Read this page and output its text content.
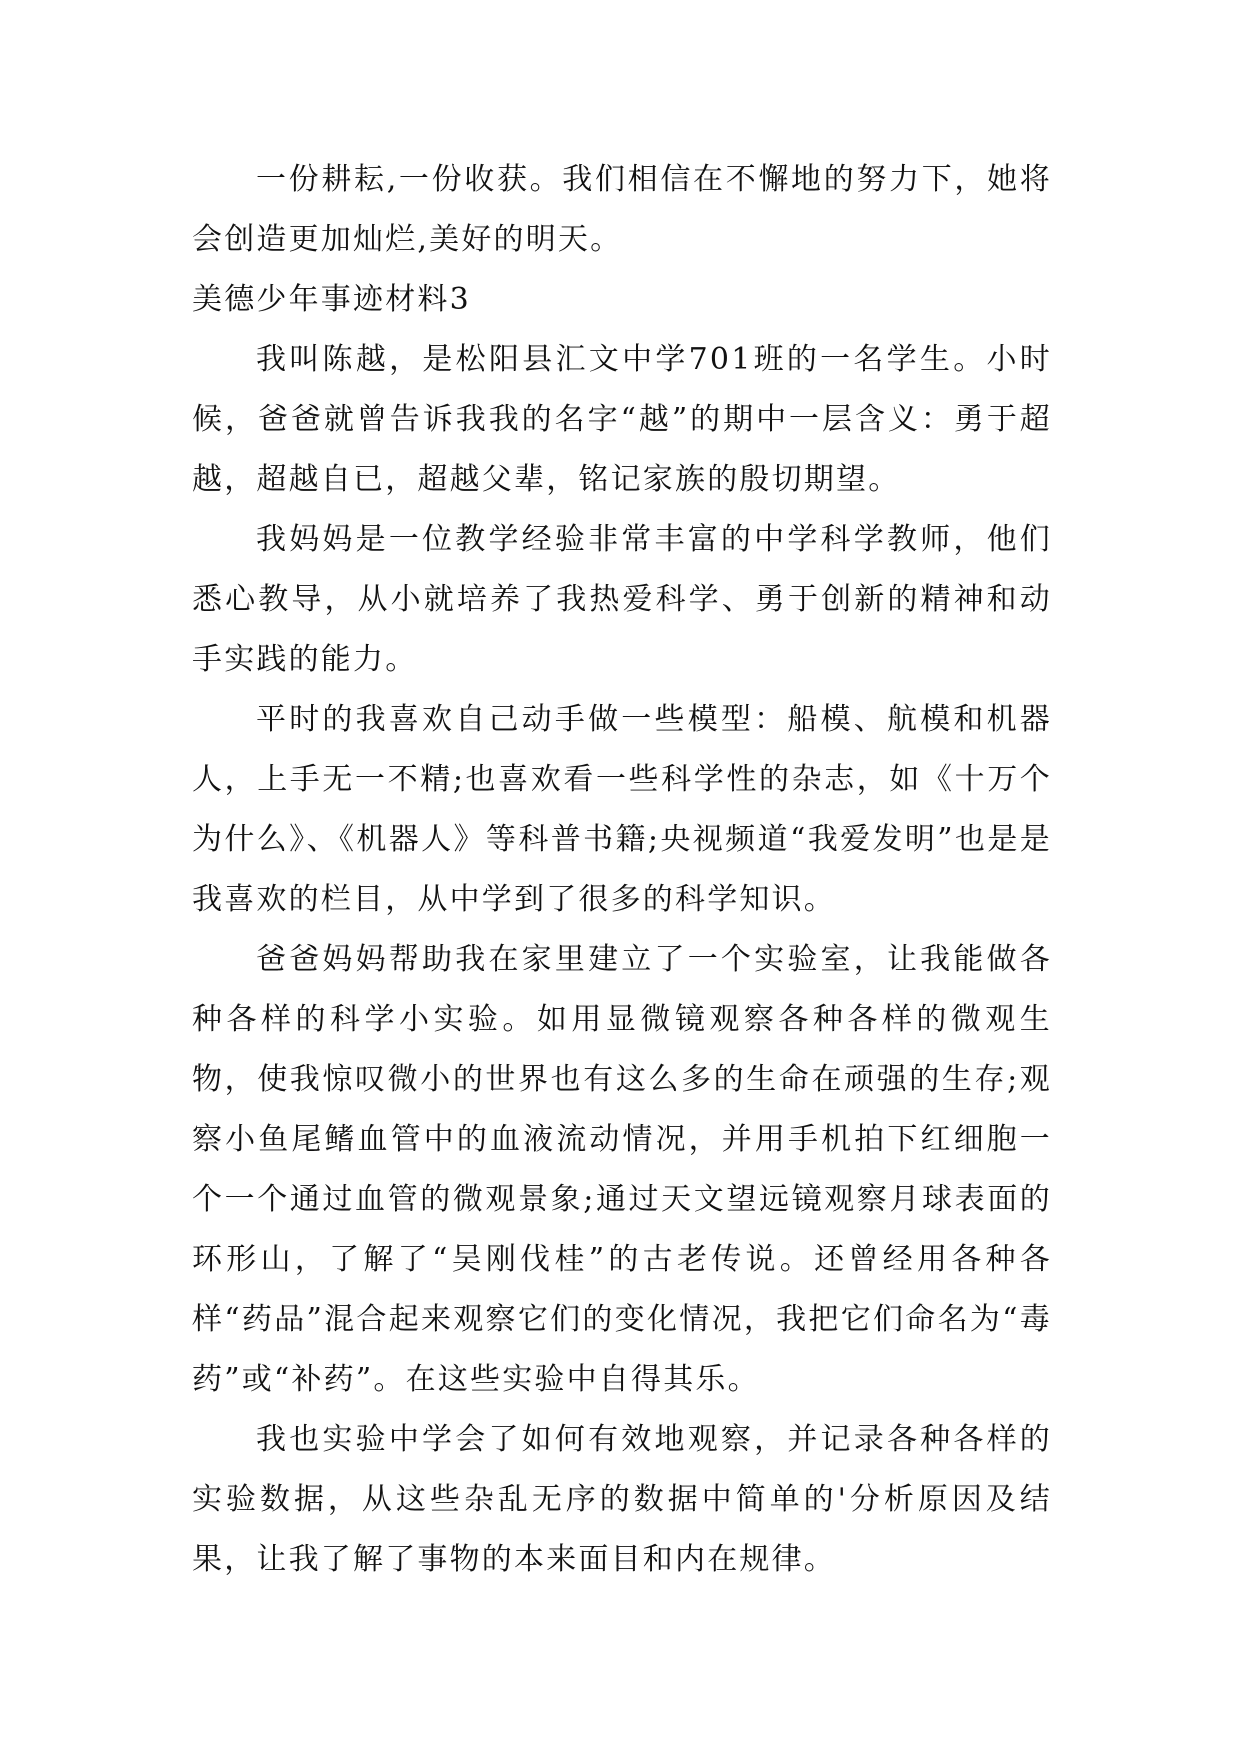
一份耕耘,一份收获。我们相信在不懈地的努力下，她将会创造更加灿烂,美好的明天。

美德少年事迹材料3

我叫陈越，是松阳县汇文中学701班的一名学生。小时候，爸爸就曾告诉我我的名字“越”的期中一层含义：勇于超越，超越自已，超越父辈，铭记家族的殷切期望。

我妈妈是一位教学经验非常丰富的中学科学教师，他们悉心教导，从小就培养了我热爱科学、勇于创新的精神和动手实践的能力。

平时的我喜欢自己动手做一些模型：船模、航模和机器人，上手无一不精;也喜欢看一些科学性的杂志，如《十万个为什么》、《机器人》等科普书籍;央视频道“我爱发明”也是是我喜欢的栏目，从中学到了很多的科学知识。

爸爸妈妈帮助我在家里建立了一个实验室，让我能做各种各样的科学小实验。如用显微镜观察各种各样的微观生物，使我惊叹微小的世界也有这么多的生命在顽强的生存;观察小鱼尾鳍血管中的血液流动情况，并用手机拍下红细胞一个一个通过血管的微观景象;通过天文望远镜观察月球表面的环形山，了解了“吴刚伐桂”的古老传说。还曾经用各种各样“药品”混合起来观察它们的变化情况，我把它们命名为“毒药”或“补药”。在这些实验中自得其乐。

我也实验中学会了如何有效地观察，并记录各种各样的实验数据，从这些杂乱无序的数据中简单的'分析原因及结果，让我了解了事物的本来面目和内在规律。
